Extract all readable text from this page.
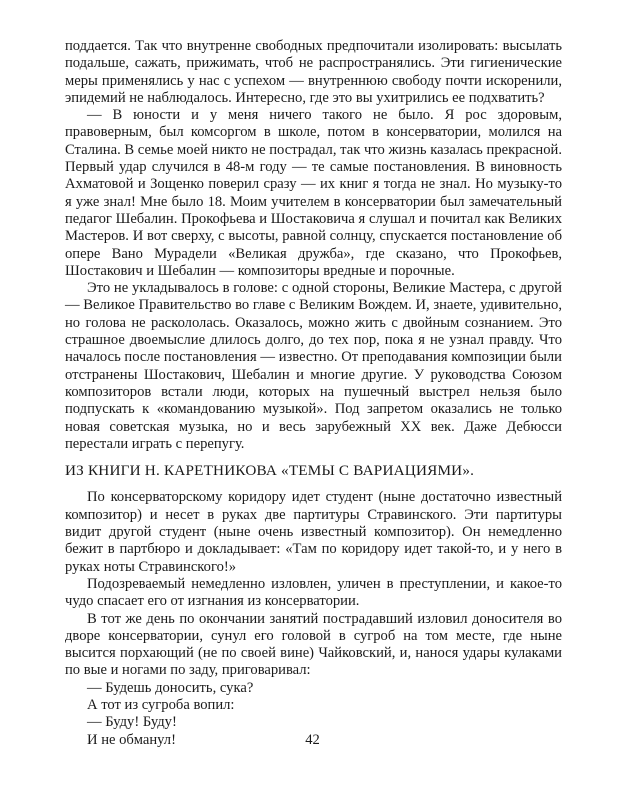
поддается. Так что внутренне свободных предпочитали изолировать: высылать подальше, сажать, прижимать, чтоб не распространялись. Эти гигиенические меры применялись у нас с успехом — внутреннюю свободу почти искоренили, эпидемий не наблюдалось. Интересно, где это вы ухитрились ее подхватить?

— В юности и у меня ничего такого не было. Я рос здоровым, правоверным, был комсоргом в школе, потом в консерватории, молился на Сталина. В семье моей никто не пострадал, так что жизнь казалась прекрасной. Первый удар случился в 48-м году — те самые постановления. В виновность Ахматовой и Зощенко поверил сразу — их книг я тогда не знал. Но музыку-то я уже знал! Мне было 18. Моим учителем в консерватории был замечательный педагог Шебалин. Прокофьева и Шостаковича я слушал и почитал как Великих Мастеров. И вот сверху, с высоты, равной солнцу, спускается постановление об опере Вано Мурадели «Великая дружба», где сказано, что Прокофьев, Шостакович и Шебалин — композиторы вредные и порочные.

Это не укладывалось в голове: с одной стороны, Великие Мастера, с другой — Великое Правительство во главе с Великим Вождем. И, знаете, удивительно, но голова не раскололась. Оказалось, можно жить с двойным сознанием. Это страшное двоемыслие длилось долго, до тех пор, пока я не узнал правду. Что началось после постановления — известно. От преподавания композиции были отстранены Шостакович, Шебалин и многие другие. У руководства Союзом композиторов встали люди, которых на пушечный выстрел нельзя было подпускать к «командованию музыкой». Под запретом оказались не только новая советская музыка, но и весь зарубежный XX век. Даже Дебюсси перестали играть с перепугу.

ИЗ КНИГИ Н. КАРЕТНИКОВА «ТЕМЫ С ВАРИАЦИЯМИ».

По консерваторскому коридору идет студент (ныне достаточно известный композитор) и несет в руках две партитуры Стравинского. Эти партитуры видит другой студент (ныне очень известный композитор). Он немедленно бежит в партбюро и докладывает: «Там по коридору идет такой-то, и у него в руках ноты Стравинского!»

Подозреваемый немедленно изловлен, уличен в преступлении, и какое-то чудо спасает его от изгнания из консерватории.

В тот же день по окончании занятий пострадавший изловил доносителя во дворе консерватории, сунул его головой в сугроб на том месте, где ныне высится порхающий (не по своей вине) Чайковский, и, нанося удары кулаками по вые и ногами по заду, приговаривал:

— Будешь доносить, сука?

А тот из сугроба вопил:

— Буду! Буду!

И не обманул!	42
